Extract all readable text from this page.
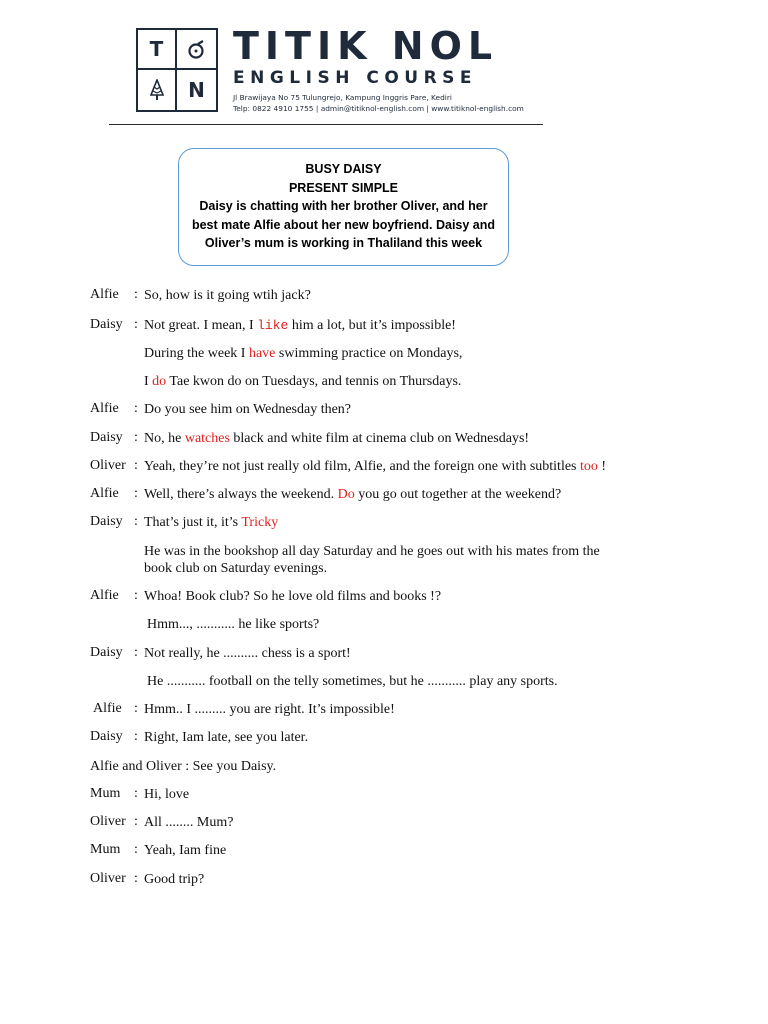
T
N
TITIK NOL
ENGLISH COURSE
Jl Brawijaya No 75 Tulungrejo, Kampung Inggris Pare, Kediri
Telp: 0822 4910 1755 | admin@titiknol-english.com | www.titiknol-english.com
BUSY DAISY
PRESENT SIMPLE
Daisy is chatting with her brother Oliver, and her
best mate Alfie about her new boyfriend. Daisy and
Oliver’s mum is working in Thaliland this week
Alfie : So, how is it going wtih jack?
Daisy : Not great. I mean, I like him a lot, but it’s impossible!
During the week I have swimming practice on Mondays,
I do Tae kwon do on Tuesdays, and tennis on Thursdays.
Alfie : Do you see him on Wednesday then?
Daisy : No, he watches black and white film at cinema club on Wednesdays!
Oliver : Yeah, they’re not just really old film, Alfie, and the foreign one with subtitles too !
Alfie : Well, there’s always the weekend. Do you go out together at the weekend?
Daisy : That’s just it, it’s Tricky
He was in the bookshop all day Saturday and he goes out with his mates from the
book club on Saturday evenings.
Alfie : Whoa! Book club? So he love old films and books !?
Hmm..., ........... he like sports?
Daisy : Not really, he .......... chess is a sport!
He ........... football on the telly sometimes, but he ........... play any sports.
Alfie : Hmm.. I ......... you are right. It’s impossible!
Daisy : Right, Iam late, see you later.
Alfie and Oliver : See you Daisy.
Mum : Hi, love
Oliver : All ........ Mum?
Mum : Yeah, Iam fine
Oliver : Good trip?
